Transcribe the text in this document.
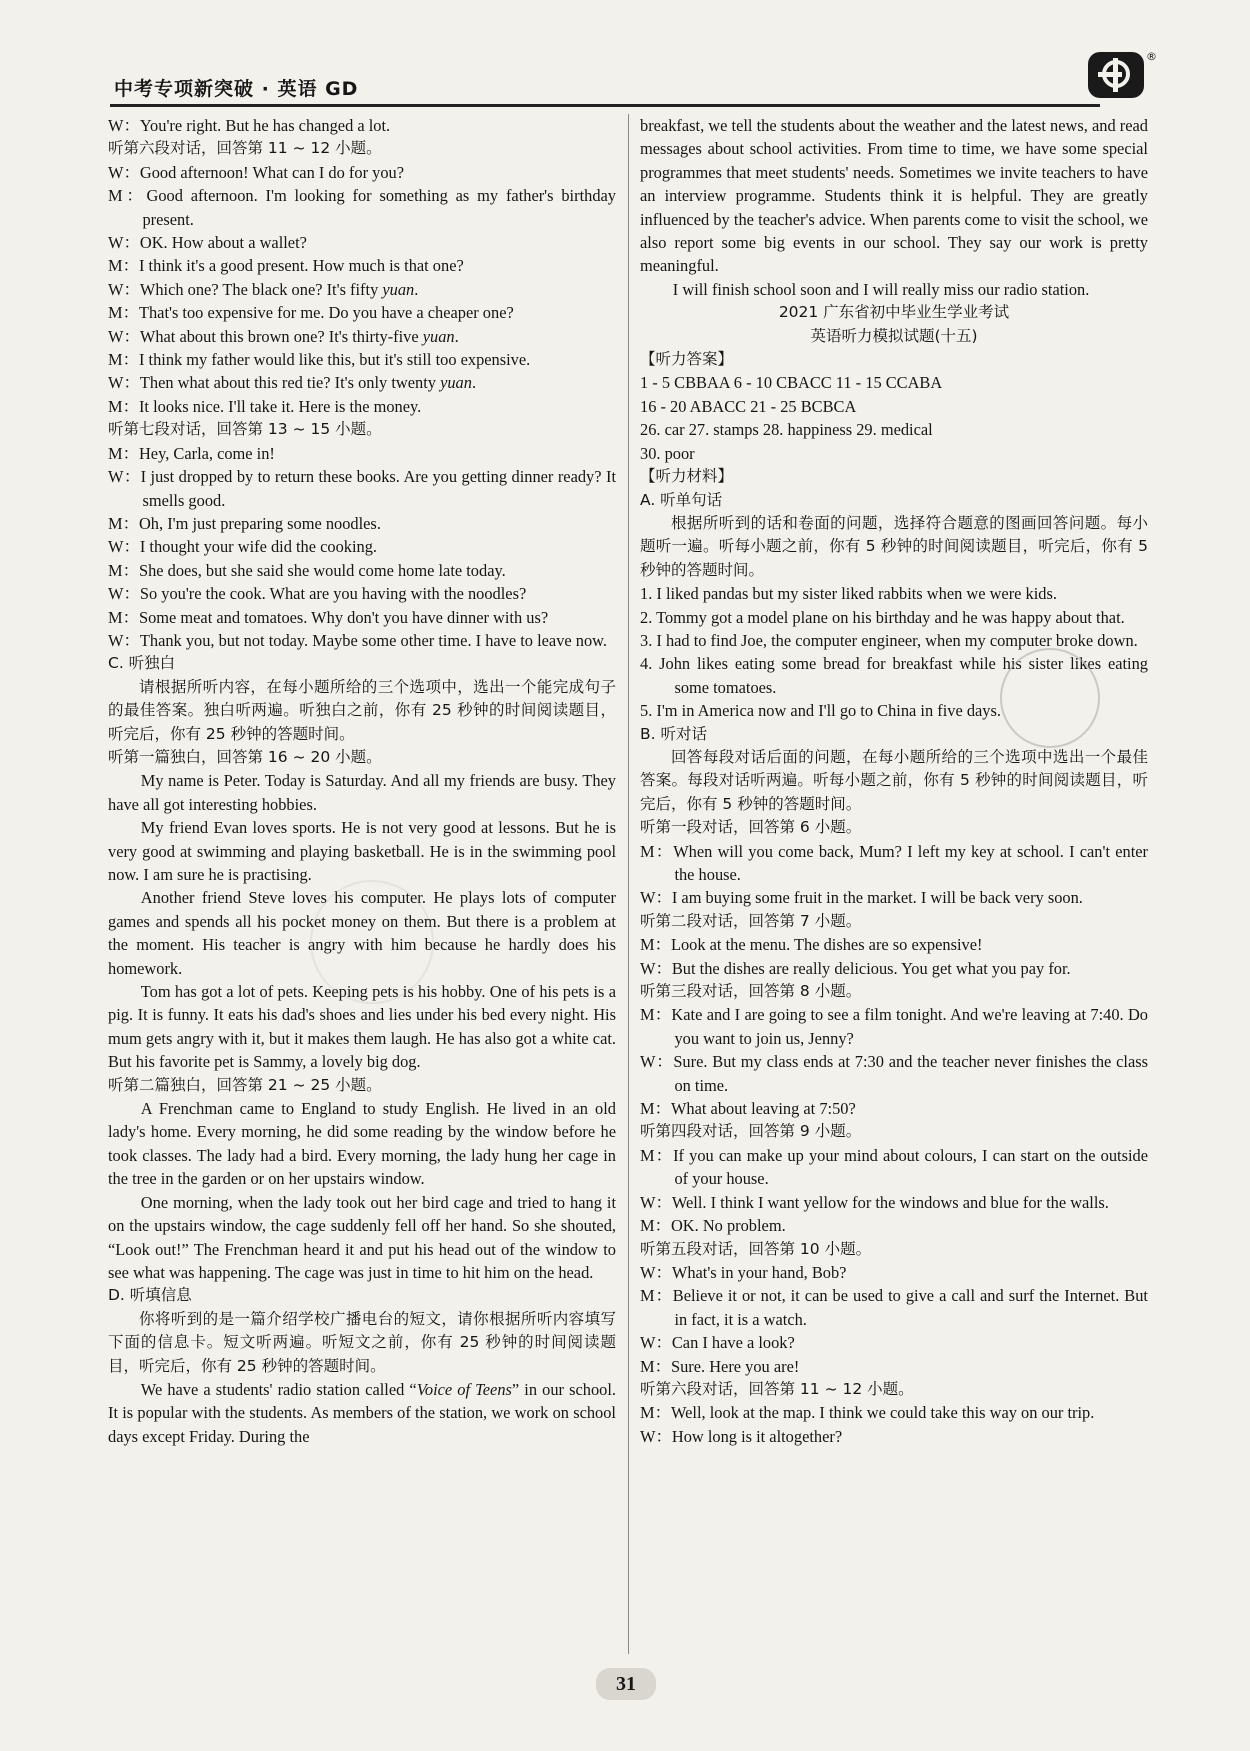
中考专项新突破 · 英语 GD
®

W：You're right. But he has changed a lot.

听第六段对话，回答第 11 ~ 12 小题。

W：Good afternoon! What can I do for you?

M：Good afternoon. I'm looking for something as my father's birthday present.

W：OK. How about a wallet?

M：I think it's a good present. How much is that one?

W：Which one? The black one? It's fifty yuan.

M：That's too expensive for me. Do you have a cheaper one?

W：What about this brown one? It's thirty-five yuan.

M：I think my father would like this, but it's still too expensive.

W：Then what about this red tie? It's only twenty yuan.

M：It looks nice. I'll take it. Here is the money.

听第七段对话，回答第 13 ~ 15 小题。

M：Hey, Carla, come in!

W：I just dropped by to return these books. Are you getting dinner ready? It smells good.

M：Oh, I'm just preparing some noodles.

W：I thought your wife did the cooking.

M：She does, but she said she would come home late today.

W：So you're the cook. What are you having with the noodles?

M：Some meat and tomatoes. Why don't you have dinner with us?

W：Thank you, but not today. Maybe some other time. I have to leave now.

C. 听独白

请根据所听内容，在每小题所给的三个选项中，选出一个能完成句子的最佳答案。独白听两遍。听独白之前，你有 25 秒钟的时间阅读题目，听完后，你有 25 秒钟的答题时间。

听第一篇独白，回答第 16 ~ 20 小题。

My name is Peter. Today is Saturday. And all my friends are busy. They have all got interesting hobbies.

My friend Evan loves sports. He is not very good at lessons. But he is very good at swimming and playing basketball. He is in the swimming pool now. I am sure he is practising.

Another friend Steve loves his computer. He plays lots of computer games and spends all his pocket money on them. But there is a problem at the moment. His teacher is angry with him because he hardly does his homework.

Tom has got a lot of pets. Keeping pets is his hobby. One of his pets is a pig. It is funny. It eats his dad's shoes and lies under his bed every night. His mum gets angry with it, but it makes them laugh. He has also got a white cat. But his favorite pet is Sammy, a lovely big dog.

听第二篇独白，回答第 21 ~ 25 小题。

A Frenchman came to England to study English. He lived in an old lady's home. Every morning, he did some reading by the window before he took classes. The lady had a bird. Every morning, the lady hung her cage in the tree in the garden or on her upstairs window.

One morning, when the lady took out her bird cage and tried to hang it on the upstairs window, the cage suddenly fell off her hand. So she shouted, “Look out!” The Frenchman heard it and put his head out of the window to see what was happening. The cage was just in time to hit him on the head.

D. 听填信息

你将听到的是一篇介绍学校广播电台的短文，请你根据所听内容填写下面的信息卡。短文听两遍。听短文之前，你有 25 秒钟的时间阅读题目，听完后，你有 25 秒钟的答题时间。

We have a students' radio station called “Voice of Teens” in our school. It is popular with the students. As members of the station, we work on school days except Friday. During the

breakfast, we tell the students about the weather and the latest news, and read messages about school activities. From time to time, we have some special programmes that meet students' needs. Sometimes we invite teachers to have an interview programme. Students think it is helpful. They are greatly influenced by the teacher's advice. When parents come to visit the school, we also report some big events in our school. They say our work is pretty meaningful.

I will finish school soon and I will really miss our radio station.

2021 广东省初中毕业生学业考试

英语听力模拟试题(十五)

【听力答案】

1 - 5 CBBAA 6 - 10 CBACC 11 - 15 CCABA

16 - 20 ABACC 21 - 25 BCBCA

26. car 27. stamps 28. happiness 29. medical

30. poor

【听力材料】

A. 听单句话

根据所听到的话和卷面的问题，选择符合题意的图画回答问题。每小题听一遍。听每小题之前，你有 5 秒钟的时间阅读题目，听完后，你有 5 秒钟的答题时间。

1. I liked pandas but my sister liked rabbits when we were kids.

2. Tommy got a model plane on his birthday and he was happy about that.

3. I had to find Joe, the computer engineer, when my computer broke down.

4. John likes eating some bread for breakfast while his sister likes eating some tomatoes.

5. I'm in America now and I'll go to China in five days.

B. 听对话

回答每段对话后面的问题，在每小题所给的三个选项中选出一个最佳答案。每段对话听两遍。听每小题之前，你有 5 秒钟的时间阅读题目，听完后，你有 5 秒钟的答题时间。

听第一段对话，回答第 6 小题。

M：When will you come back, Mum? I left my key at school. I can't enter the house.

W：I am buying some fruit in the market. I will be back very soon.

听第二段对话，回答第 7 小题。

M：Look at the menu. The dishes are so expensive!

W：But the dishes are really delicious. You get what you pay for.

听第三段对话，回答第 8 小题。

M：Kate and I are going to see a film tonight. And we're leaving at 7:40. Do you want to join us, Jenny?

W：Sure. But my class ends at 7:30 and the teacher never finishes the class on time.

M：What about leaving at 7:50?

听第四段对话，回答第 9 小题。

M：If you can make up your mind about colours, I can start on the outside of your house.

W：Well. I think I want yellow for the windows and blue for the walls.

M：OK. No problem.

听第五段对话，回答第 10 小题。

W：What's in your hand, Bob?

M：Believe it or not, it can be used to give a call and surf the Internet. But in fact, it is a watch.

W：Can I have a look?

M：Sure. Here you are!

听第六段对话，回答第 11 ~ 12 小题。

M：Well, look at the map. I think we could take this way on our trip.

W：How long is it altogether?

31
